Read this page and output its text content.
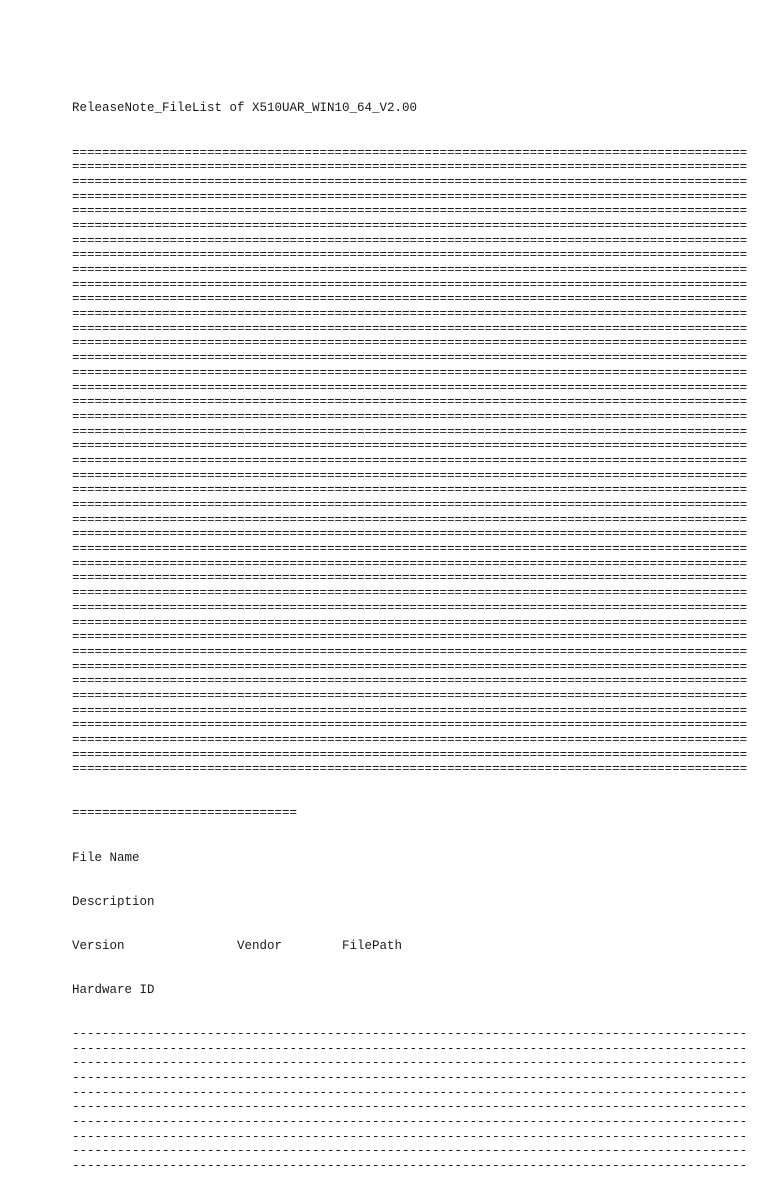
ReleaseNote_FileList of X510UAR_WIN10_64_V2.00

==========================================================================================
==========================================================================================
==========================================================================================
==========================================================================================
==========================================================================================
==========================================================================================
==========================================================================================
==========================================================================================
==========================================================================================
==========================================================================================
==========================================================================================
==========================================================================================
==========================================================================================
==========================================================================================
==========================================================================================
==========================================================================================
==========================================================================================
==========================================================================================
==========================================================================================
==========================================================================================
==========================================================================================
==========================================================================================
==========================================================================================
==========================================================================================
==========================================================================================
==========================================================================================
==========================================================================================
==========================================================================================
==========================================================================================
==========================================================================================
==========================================================================================
==========================================================================================
==========================================================================================
==========================================================================================
==========================================================================================
==========================================================================================
==========================================================================================
==========================================================================================
==========================================================================================
==========================================================================================
==========================================================================================
==========================================================================================
==========================================================================================

==============================

File Name

Description

Version	Vendor	FilePath

Hardware ID

------------------------------------------------------------------------------------------
------------------------------------------------------------------------------------------
------------------------------------------------------------------------------------------
------------------------------------------------------------------------------------------
------------------------------------------------------------------------------------------
------------------------------------------------------------------------------------------
------------------------------------------------------------------------------------------
------------------------------------------------------------------------------------------
------------------------------------------------------------------------------------------
------------------------------------------------------------------------------------------
